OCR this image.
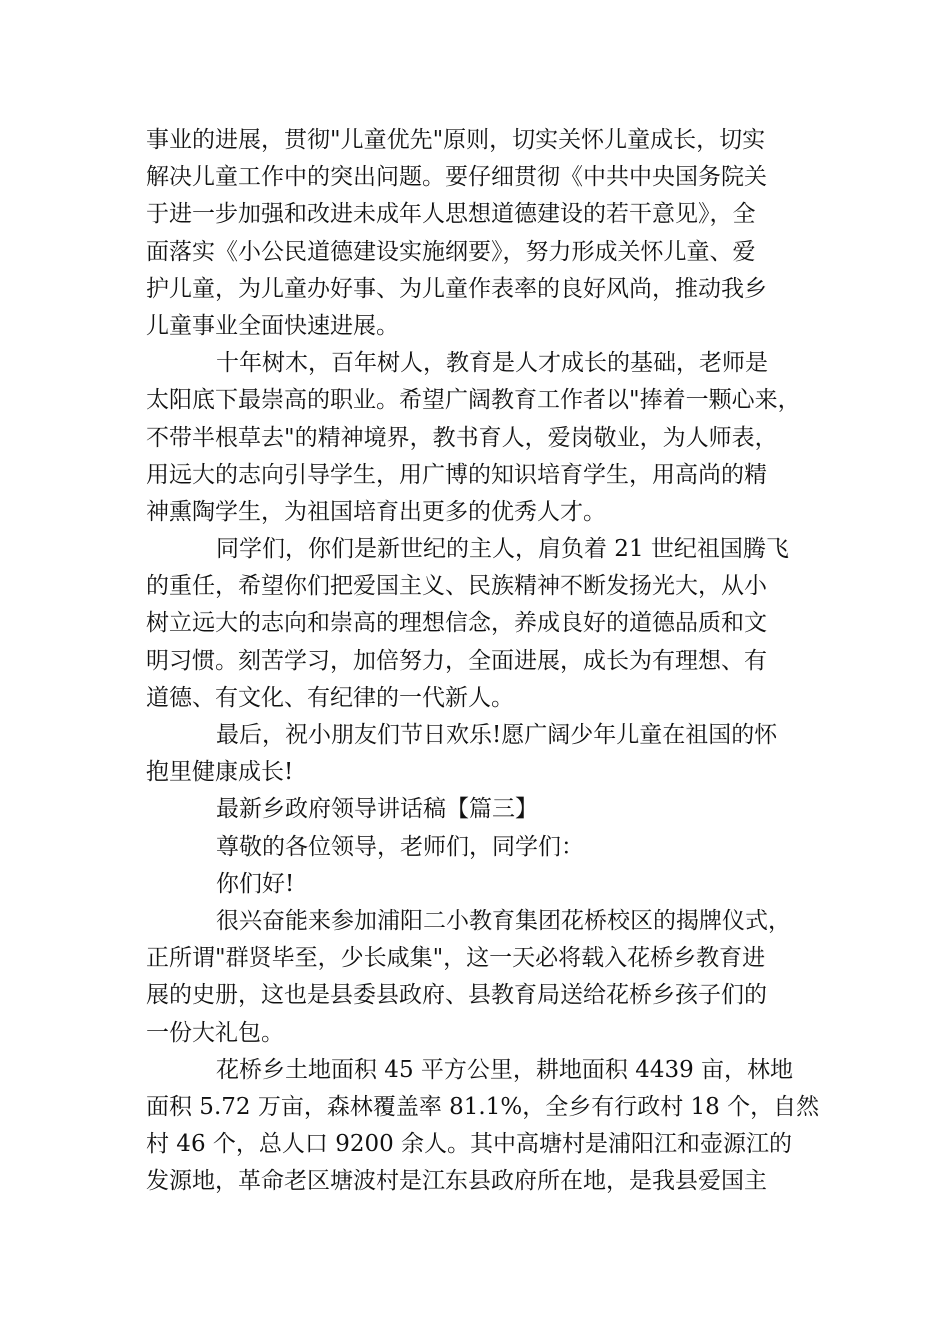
事业的进展，贯彻"儿童优先"原则，切实关怀儿童成长，切实
解决儿童工作中的突出问题。要仔细贯彻《中共中央国务院关
于进一步加强和改进未成年人思想道德建设的若干意见》，全
面落实《小公民道德建设实施纲要》，努力形成关怀儿童、爱
护儿童，为儿童办好事、为儿童作表率的良好风尚，推动我乡
儿童事业全面快速进展。
十年树木，百年树人，教育是人才成长的基础，老师是
太阳底下最崇高的职业。希望广阔教育工作者以"捧着一颗心来，
不带半根草去"的精神境界，教书育人，爱岗敬业，为人师表，
用远大的志向引导学生，用广博的知识培育学生，用高尚的精
神熏陶学生，为祖国培育出更多的优秀人才。
同学们，你们是新世纪的主人，肩负着 21 世纪祖国腾飞
的重任，希望你们把爱国主义、民族精神不断发扬光大，从小
树立远大的志向和崇高的理想信念，养成良好的道德品质和文
明习惯。刻苦学习，加倍努力，全面进展，成长为有理想、有
道德、有文化、有纪律的一代新人。
最后，祝小朋友们节日欢乐!愿广阔少年儿童在祖国的怀
抱里健康成长!
最新乡政府领导讲话稿【篇三】
尊敬的各位领导，老师们，同学们：
你们好!
很兴奋能来参加浦阳二小教育集团花桥校区的揭牌仪式，
正所谓"群贤毕至，少长咸集"，这一天必将载入花桥乡教育进
展的史册，这也是县委县政府、县教育局送给花桥乡孩子们的
一份大礼包。
花桥乡土地面积 45 平方公里，耕地面积 4439 亩，林地
面积 5.72 万亩，森林覆盖率 81.1%，全乡有行政村 18 个，自然
村 46 个，总人口 9200 余人。其中高塘村是浦阳江和壶源江的
发源地，革命老区塘波村是江东县政府所在地，是我县爱国主
